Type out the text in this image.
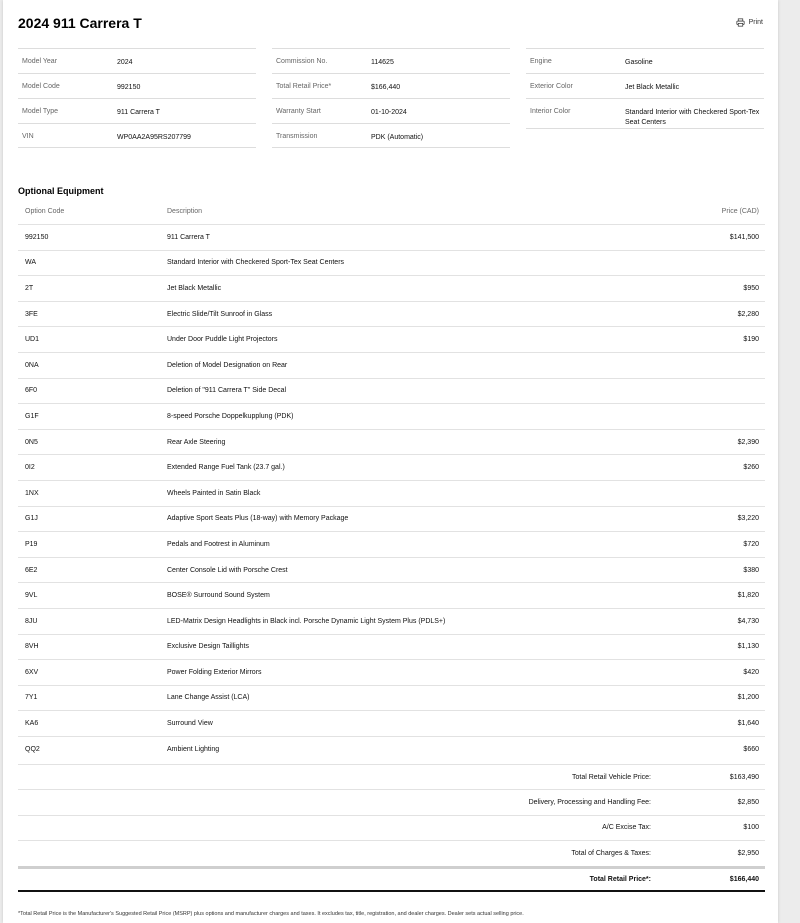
2024 911 Carrera T	Print
Model Year	2024
Model Code	992150
Model Type	911 Carrera T
VIN	WP0AA2A95RS207799
Commission No.	114625
Total Retail Price*	$166,440
Warranty Start	01-10-2024
Transmission	PDK (Automatic)
Engine	Gasoline
Exterior Color	Jet Black Metallic
Interior Color	Standard Interior with Checkered Sport-Tex Seat Centers
Optional Equipment
Option Code	Description	Price (CAD)
992150	911 Carrera T	$141,500
WA	Standard Interior with Checkered Sport-Tex Seat Centers
2T	Jet Black Metallic	$950
3FE	Electric Slide/Tilt Sunroof in Glass	$2,280
UD1	Under Door Puddle Light Projectors	$190
0NA	Deletion of Model Designation on Rear
6F0	Deletion of "911 Carrera T" Side Decal
G1F	8-speed Porsche Doppelkupplung (PDK)
0N5	Rear Axle Steering	$2,390
0I2	Extended Range Fuel Tank (23.7 gal.)	$260
1NX	Wheels Painted in Satin Black
G1J	Adaptive Sport Seats Plus (18-way) with Memory Package	$3,220
P19	Pedals and Footrest in Aluminum	$720
6E2	Center Console Lid with Porsche Crest	$380
9VL	BOSE® Surround Sound System	$1,820
8JU	LED-Matrix Design Headlights in Black incl. Porsche Dynamic Light System Plus (PDLS+)	$4,730
8VH	Exclusive Design Taillights	$1,130
6XV	Power Folding Exterior Mirrors	$420
7Y1	Lane Change Assist (LCA)	$1,200
KA6	Surround View	$1,640
QQ2	Ambient Lighting	$660
Total Retail Vehicle Price:	$163,490
Delivery, Processing and Handling Fee:	$2,850
A/C Excise Tax:	$100
Total of Charges & Taxes:	$2,950
Total Retail Price*:	$166,440
*Total Retail Price is the Manufacturer's Suggested Retail Price (MSRP) plus options and manufacturer charges and taxes. It excludes tax, title, registration, and dealer charges. Dealer sets actual selling price.
